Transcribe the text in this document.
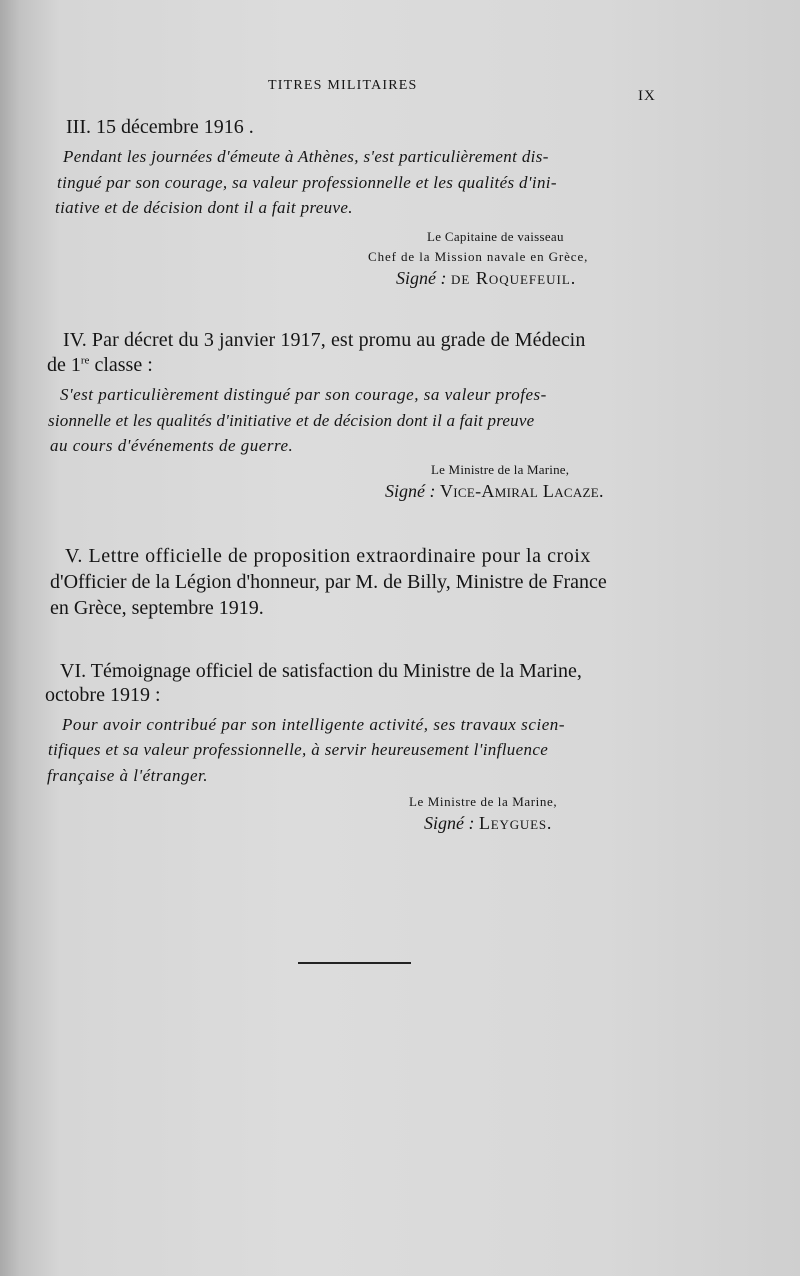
TITRES MILITAIRES
IX
III. 15 décembre 1916 .
Pendant les journées d'émeute à Athènes, s'est particulièrement dis-
tingué par son courage, sa valeur professionnelle et les qualités d'ini-
tiative et de décision dont il a fait preuve.
Le Capitaine de vaisseau
Chef de la Mission navale en Grèce,
Signé : de Roquefeuil.
IV. Par décret du 3 janvier 1917, est promu au grade de Médecin
de 1re classe :
S'est particulièrement distingué par son courage, sa valeur profes-
sionnelle et les qualités d'initiative et de décision dont il a fait preuve
au cours d'événements de guerre.
Le Ministre de la Marine,
Signé : Vice-Amiral Lacaze.
V. Lettre officielle de proposition extraordinaire pour la croix
d'Officier de la Légion d'honneur, par M. de Billy, Ministre de France
en Grèce, septembre 1919.
VI. Témoignage officiel de satisfaction du Ministre de la Marine,
octobre 1919 :
Pour avoir contribué par son intelligente activité, ses travaux scien-
tifiques et sa valeur professionnelle, à servir heureusement l'influence
française à l'étranger.
Le Ministre de la Marine,
Signé : Leygues.
